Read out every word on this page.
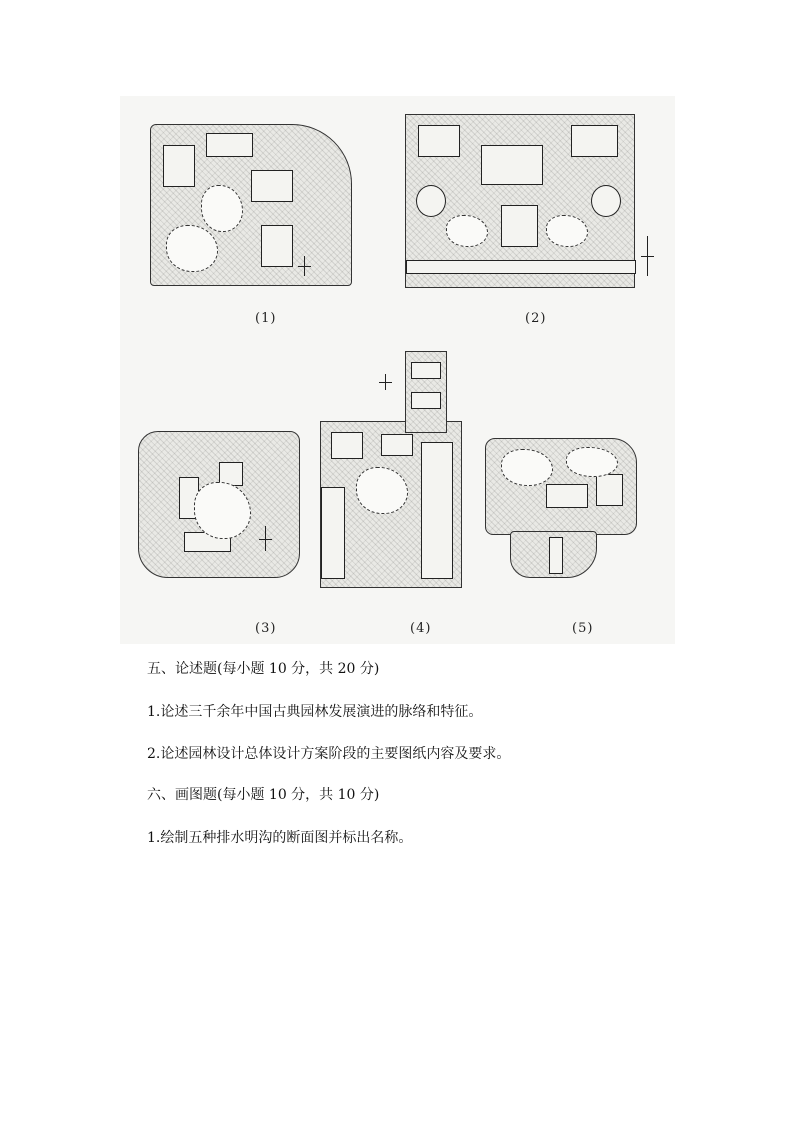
(1)	(2)
(3)	(4)	(5)
五、论述题(每小题 10 分，共 20 分)
1.论述三千余年中国古典园林发展演进的脉络和特征。
2.论述园林设计总体设计方案阶段的主要图纸内容及要求。
六、画图题(每小题 10 分，共 10 分)
1.绘制五种排水明沟的断面图并标出名称。
